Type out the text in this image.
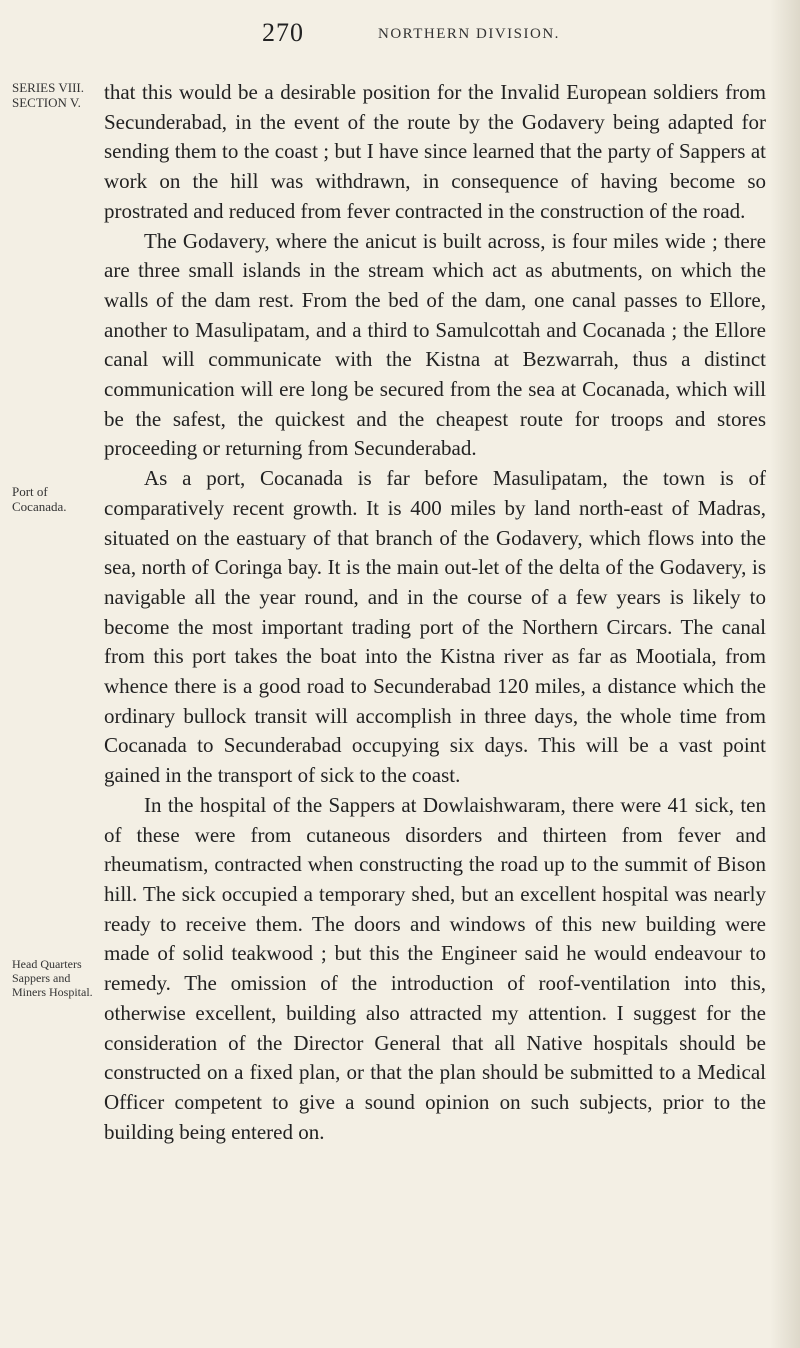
270	NORTHERN DIVISION.
SERIES VIII. SECTION V.
Port of Cocanada.
Head Quarters Sappers and Miners Hospital.

that this would be a desirable position for the Invalid European soldiers from Secunderabad, in the event of the route by the Godavery being adapted for sending them to the coast ; but I have since learned that the party of Sappers at work on the hill was withdrawn, in consequence of having become so prostrated and reduced from fever contracted in the construction of the road.

The Godavery, where the anicut is built across, is four miles wide ; there are three small islands in the stream which act as abutments, on which the walls of the dam rest. From the bed of the dam, one canal passes to Ellore, another to Masulipatam, and a third to Samulcottah and Cocanada ; the Ellore canal will communicate with the Kistna at Bezwarrah, thus a distinct communication will ere long be secured from the sea at Cocanada, which will be the safest, the quickest and the cheapest route for troops and stores proceeding or returning from Secunderabad.

As a port, Cocanada is far before Masulipatam, the town is of comparatively recent growth. It is 400 miles by land north-east of Madras, situated on the eastuary of that branch of the Godavery, which flows into the sea, north of Coringa bay. It is the main out-let of the delta of the Godavery, is navigable all the year round, and in the course of a few years is likely to become the most important trading port of the Northern Circars. The canal from this port takes the boat into the Kistna river as far as Mootiala, from whence there is a good road to Secunderabad 120 miles, a distance which the ordinary bullock transit will accomplish in three days, the whole time from Cocanada to Secunderabad occupying six days. This will be a vast point gained in the transport of sick to the coast.

In the hospital of the Sappers at Dowlaishwaram, there were 41 sick, ten of these were from cutaneous disorders and thirteen from fever and rheumatism, contracted when constructing the road up to the summit of Bison hill. The sick occupied a temporary shed, but an excellent hospital was nearly ready to receive them. The doors and windows of this new building were made of solid teakwood ; but this the Engineer said he would endeavour to remedy. The omission of the introduction of roof-ventilation into this, otherwise excellent, building also attracted my attention. I suggest for the consideration of the Director General that all Native hospitals should be constructed on a fixed plan, or that the plan should be submitted to a Medical Officer competent to give a sound opinion on such subjects, prior to the building being entered on.
